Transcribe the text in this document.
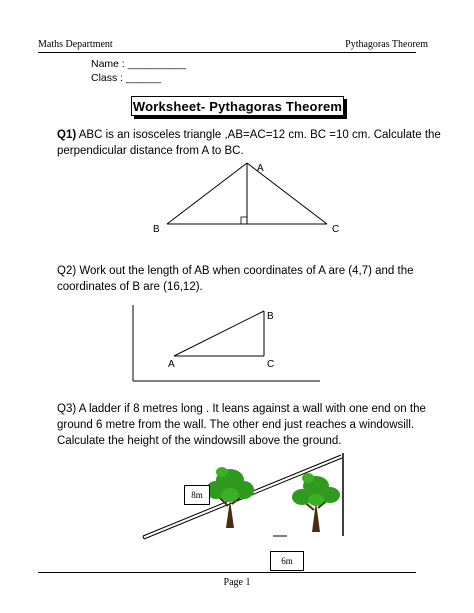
Maths Department	Pythagoras Theorem
Name : __________
Class : ______
Worksheet- Pythagoras Theorem
Q1) ABC is an isosceles triangle ,AB=AC=12 cm. BC =10 cm. Calculate the perpendicular distance from A to BC.
A
B	C
Q2) Work out the length of AB when coordinates of A are (4,7) and the coordinates of B are (16,12).
A
B
C
Q3) A ladder if 8 metres long . It leans against a wall with one end on the ground 6 metre from the wall. The other end just reaches a windowsill. Calculate the height of the windowsill above the ground.
8m
6m
Page 1
